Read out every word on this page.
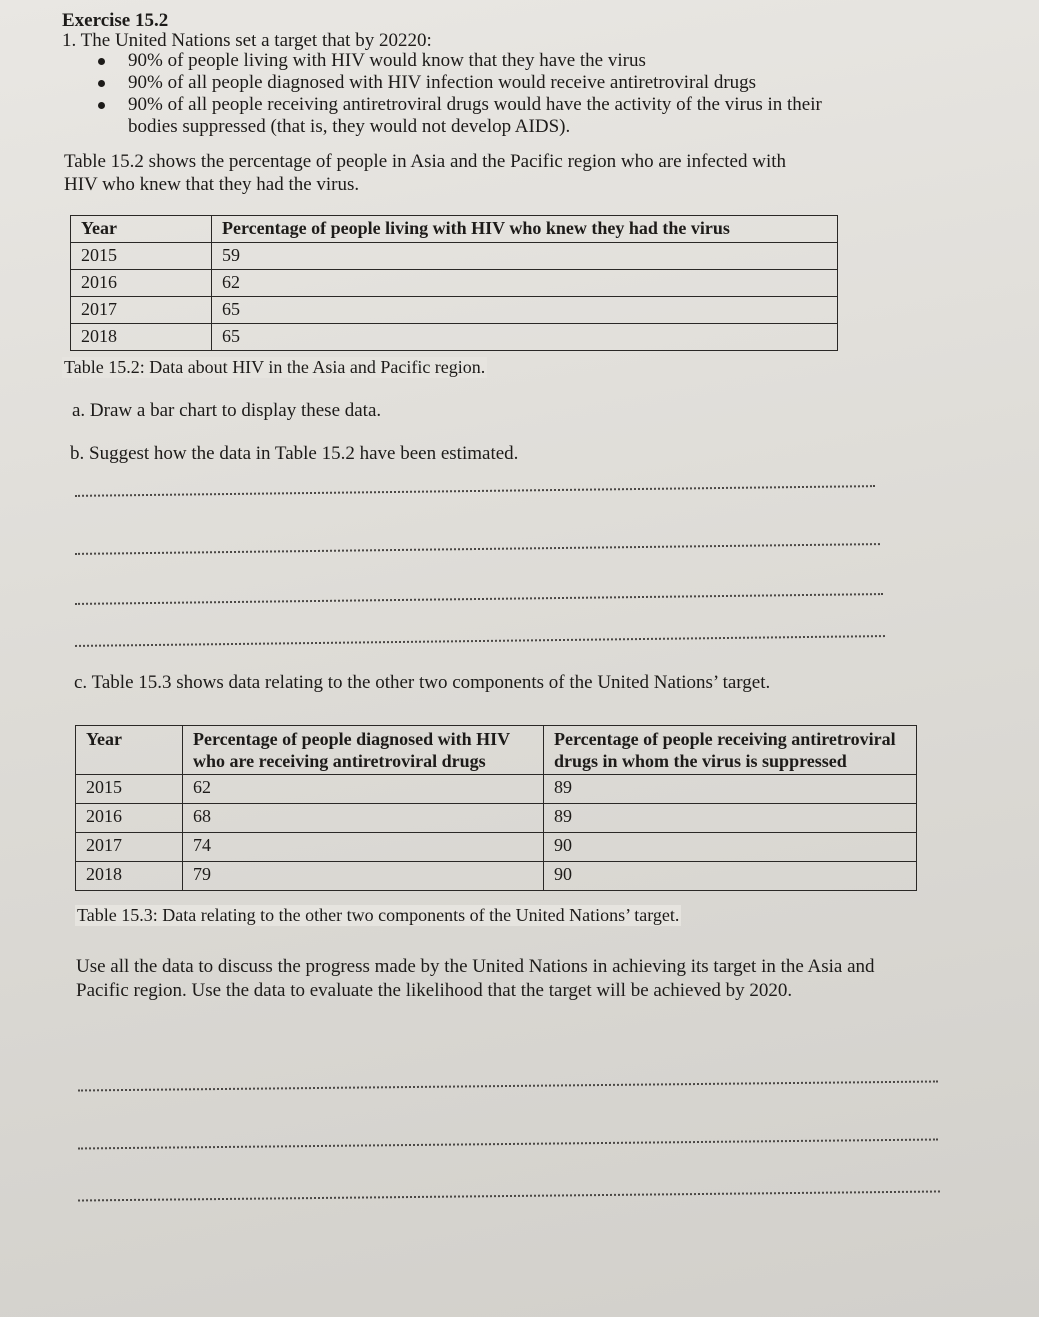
Exercise 15.2
1. The United Nations set a target that by 20220:
90% of people living with HIV would know that they have the virus
90% of all people diagnosed with HIV infection would receive antiretroviral drugs
90% of all people receiving antiretroviral drugs would have the activity of the virus in their bodies suppressed (that is, they would not develop AIDS).
Table 15.2 shows the percentage of people in Asia and the Pacific region who are infected with HIV who knew that they had the virus.
Year	Percentage of people living with HIV who knew they had the virus
2015	59
2016	62
2017	65
2018	65
Table 15.2: Data about HIV in the Asia and Pacific region.
a. Draw a bar chart to display these data.
b. Suggest how the data in Table 15.2 have been estimated.
c. Table 15.3 shows data relating to the other two components of the United Nations’ target.
Year	Percentage of people diagnosed with HIV who are receiving antiretroviral drugs	Percentage of people receiving antiretroviral drugs in whom the virus is suppressed
2015	62	89
2016	68	89
2017	74	90
2018	79	90
Table 15.3: Data relating to the other two components of the United Nations’ target.
Use all the data to discuss the progress made by the United Nations in achieving its target in the Asia and Pacific region. Use the data to evaluate the likelihood that the target will be achieved by 2020.
